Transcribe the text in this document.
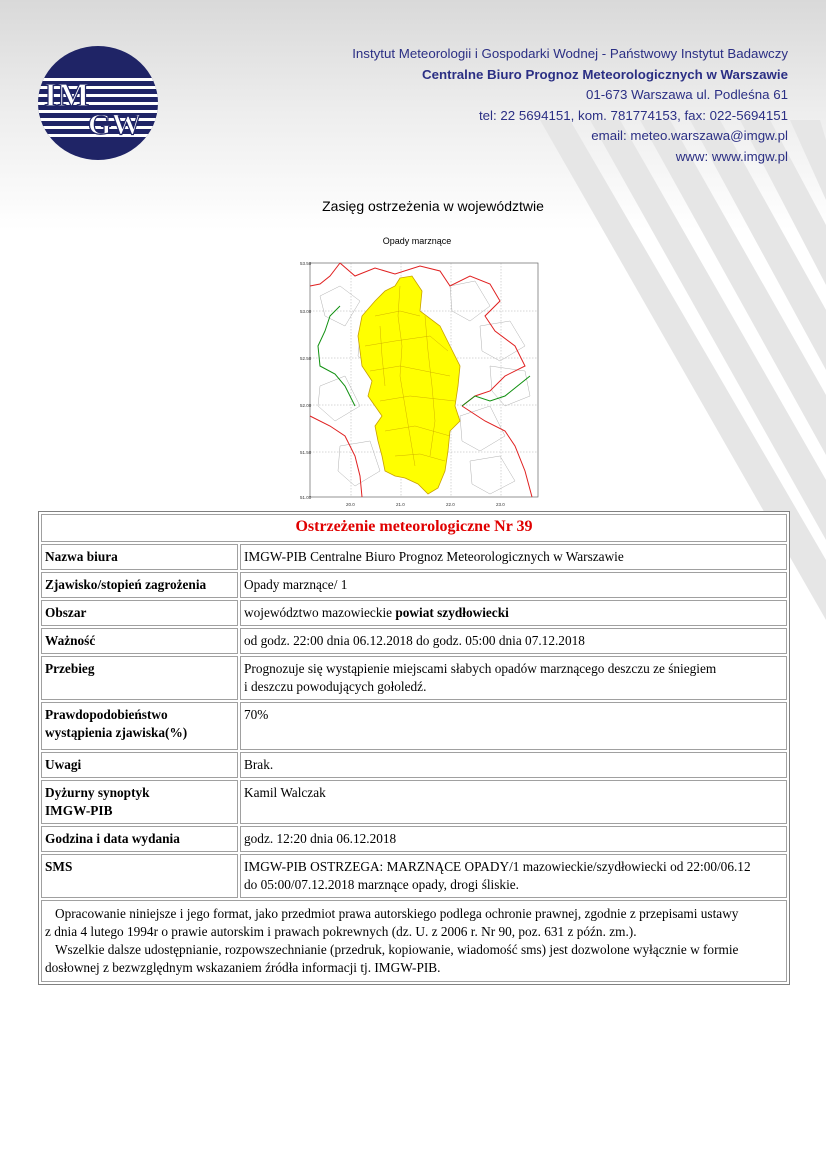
IM
GW
Instytut Meteorologii i Gospodarki Wodnej - Państwowy Instytut Badawczy
Centralne Biuro Prognoz Meteorologicznych w Warszawie
01-673 Warszawa ul. Podleśna 61
tel: 22 5694151, kom. 781774153, fax: 022-5694151
email: meteo.warszawa@imgw.pl
www: www.imgw.pl
Zasięg ostrzeżenia w województwie
Opady marznące
53.50
53.00
52.50
52.00
51.50
51.00
20.0	21.0	22.0	23.0
Ostrzeżenie meteorologiczne Nr 39	
Nazwa biura	IMGW-PIB Centralne Biuro Prognoz Meteorologicznych w Warszawie
Zjawisko/stopień zagrożenia	Opady marznące/ 1
Obszar	województwo mazowieckie powiat szydłowiecki
Ważność	od godz. 22:00 dnia 06.12.2018 do godz. 05:00 dnia 07.12.2018
Przebieg	Prognozuje się wystąpienie miejscami słabych opadów marznącego deszczu ze śniegiem
i deszczu powodujących gołoledź.

Prawdopodobieństwo
wystąpienia zjawiska(%)	70%
Uwagi	Brak.

Dyżurny synoptyk
IMGW-PIB	Kamil Walczak
Godzina i data wydania	godz. 12:20 dnia 06.12.2018
SMS	IMGW-PIB OSTRZEGA: MARZNĄCE OPADY/1 mazowieckie/szydłowiecki od 22:00/06.12
do 05:00/07.12.2018 marznące opady, drogi śliskie.

Opracowanie niniejsze i jego format, jako przedmiot prawa autorskiego podlega ochronie prawnej, zgodnie z przepisami ustawy
z dnia 4 lutego 1994r o prawie autorskim i prawach pokrewnych (dz. U. z 2006 r. Nr 90, poz. 631 z późn. zm.).
Wszelkie dalsze udostępnianie, rozpowszechnianie (przedruk, kopiowanie, wiadomość sms) jest dozwolone wyłącznie w formie
dosłownej z bezwzględnym wskazaniem źródła informacji tj. IMGW-PIB.	
